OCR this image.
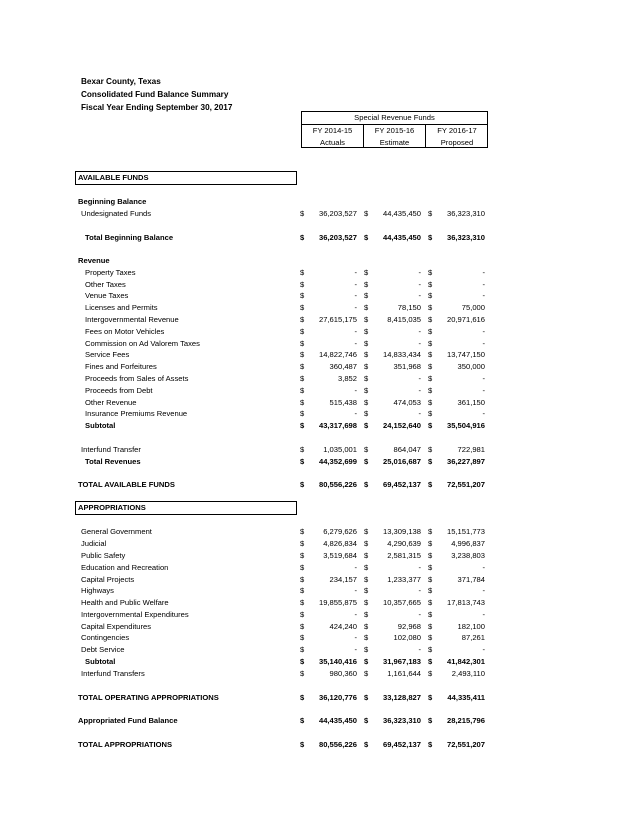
Bexar County, Texas
Consolidated Fund Balance Summary
Fiscal Year Ending September 30, 2017
Special Revenue Funds
FY 2014-15
Actuals
FY 2015-16
Estimate
FY 2016-17
Proposed
AVAILABLE FUNDS
APPROPRIATIONS
Beginning Balance
Undesignated Funds	$	36,203,527 $	44,435,450 $	36,323,310
Total Beginning Balance	$	36,203,527 $	44,435,450 $	36,323,310
Revenue
Property Taxes	$	- $	- $	-
Other Taxes	$	- $	- $	-
Venue Taxes	$	- $	- $	-
Licenses and Permits	$	- $	78,150 $	75,000
Intergovernmental Revenue	$	27,615,175 $	8,415,035 $	20,971,616
Fees on Motor Vehicles	$	- $	- $	-
Commission on Ad Valorem Taxes	$	- $	- $	-
Service Fees	$	14,822,746 $	14,833,434 $	13,747,150
Fines and Forfeitures	$	360,487 $	351,968 $	350,000
Proceeds from Sales of Assets	$	3,852 $	- $	-
Proceeds from Debt	$	- $	- $	-
Other Revenue	$	515,438 $	474,053 $	361,150
Insurance Premiums Revenue	$	- $	- $	-
Subtotal	$	43,317,698 $	24,152,640 $	35,504,916
Interfund Transfer	$	1,035,001 $	864,047 $	722,981
Total Revenues	$	44,352,699 $	25,016,687 $	36,227,897
TOTAL AVAILABLE FUNDS	$	80,556,226 $	69,452,137 $	72,551,207
General Government	$	6,279,626 $	13,309,138 $	15,151,773
Judicial	$	4,826,834 $	4,290,639 $	4,996,837
Public Safety	$	3,519,684 $	2,581,315 $	3,238,803
Education and Recreation	$	- $	- $	-
Capital Projects	$	234,157 $	1,233,377 $	371,784
Highways	$	- $	- $	-
Health and Public Welfare	$	19,855,875 $	10,357,665 $	17,813,743
Intergovernmental Expenditures	$	- $	- $	-
Capital Expenditures	$	424,240 $	92,968 $	182,100
Contingencies	$	- $	102,080 $	87,261
Debt Service	$	- $	- $	-
Subtotal	$	35,140,416 $	31,967,183 $	41,842,301
Interfund Transfers	$	980,360 $	1,161,644 $	2,493,110
TOTAL OPERATING APPROPRIATIONS	$	36,120,776 $	33,128,827 $	44,335,411
Appropriated Fund Balance	$	44,435,450 $	36,323,310 $	28,215,796
TOTAL APPROPRIATIONS	$	80,556,226 $	69,452,137 $	72,551,207
